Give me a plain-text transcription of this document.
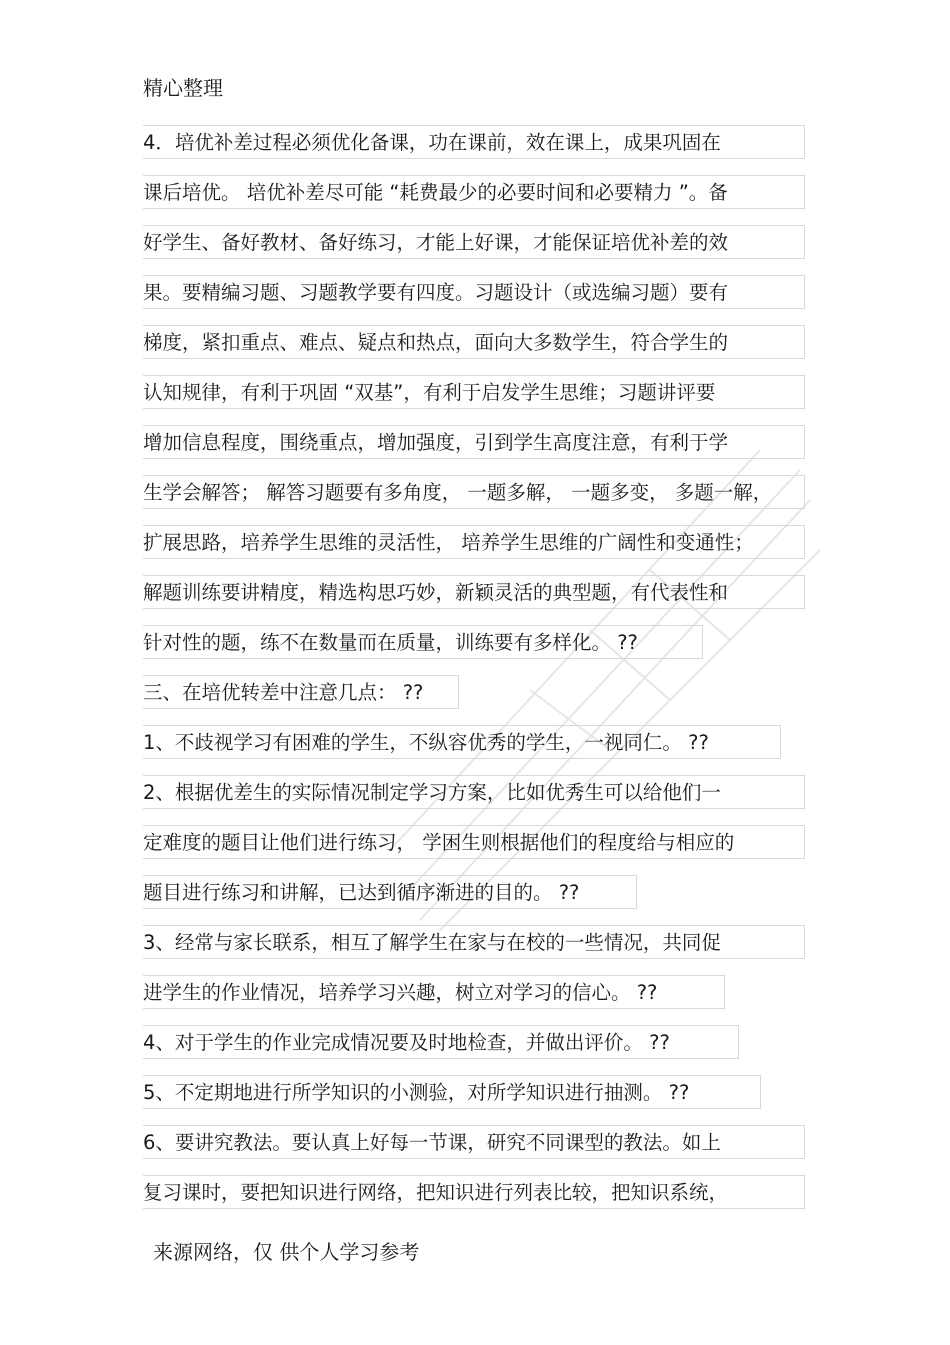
精心整理
4．培优补差过程必须优化备课，功在课前，效在课上，成果巩固在
课后培优。 培优补差尽可能 “耗费最少的必要时间和必要精力 ”。备
好学生、备好教材、备好练习，才能上好课，才能保证培优补差的效
果。要精编习题、习题教学要有四度。习题设计（或选编习题）要有
梯度，紧扣重点、难点、疑点和热点，面向大多数学生，符合学生的
认知规律，有利于巩固 “双基”，有利于启发学生思维；习题讲评要
增加信息程度，围绕重点，增加强度，引到学生高度注意，有利于学
生学会解答； 解答习题要有多角度， 一题多解， 一题多变， 多题一解，
扩展思路，培养学生思维的灵活性， 培养学生思维的广阔性和变通性；
解题训练要讲精度，精选构思巧妙，新颖灵活的典型题，有代表性和
针对性的题，练不在数量而在质量，训练要有多样化。 ??
三、在培优转差中注意几点： ??
1、不歧视学习有困难的学生，不纵容优秀的学生，一视同仁。 ??
2、根据优差生的实际情况制定学习方案，比如优秀生可以给他们一
定难度的题目让他们进行练习， 学困生则根据他们的程度给与相应的
题目进行练习和讲解，已达到循序渐进的目的。 ??
3、经常与家长联系，相互了解学生在家与在校的一些情况，共同促
进学生的作业情况，培养学习兴趣，树立对学习的信心。 ??
4、对于学生的作业完成情况要及时地检查，并做出评价。 ??
5、不定期地进行所学知识的小测验，对所学知识进行抽测。 ??
6、要讲究教法。要认真上好每一节课，研究不同课型的教法。如上
复习课时，要把知识进行网络，把知识进行列表比较，把知识系统，
来源网络，仅 供个人学习参考
